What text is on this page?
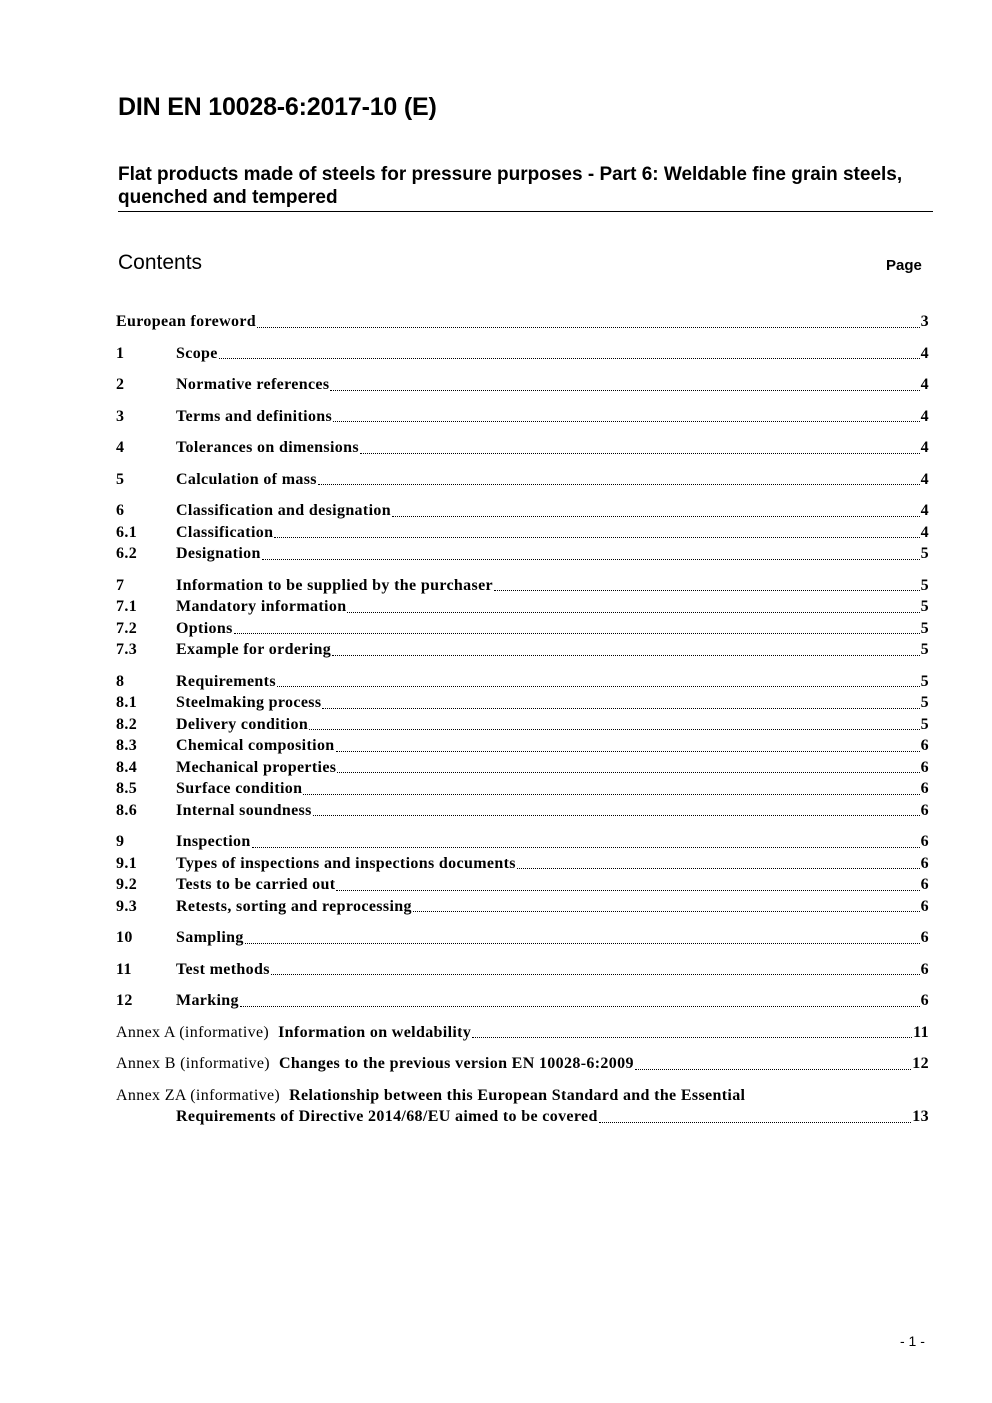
DIN EN 10028-6:2017-10 (E)
Flat products made of steels for pressure purposes - Part 6: Weldable fine grain steels, quenched and tempered
Contents	Page
European foreword	3
1	Scope	4
2	Normative references	4
3	Terms and definitions	4
4	Tolerances on dimensions	4
5	Calculation of mass	4
6	Classification and designation	4
6.1	Classification	4
6.2	Designation	5
7	Information to be supplied by the purchaser	5
7.1	Mandatory information	5
7.2	Options	5
7.3	Example for ordering	5
8	Requirements	5
8.1	Steelmaking process	5
8.2	Delivery condition	5
8.3	Chemical composition	6
8.4	Mechanical properties	6
8.5	Surface condition	6
8.6	Internal soundness	6
9	Inspection	6
9.1	Types of inspections and inspections documents	6
9.2	Tests to be carried out	6
9.3	Retests, sorting and reprocessing	6
10	Sampling	6
11	Test methods	6
12	Marking	6
Annex A (informative) Information on weldability	11
Annex B (informative) Changes to the previous version EN 10028-6:2009	12
Annex ZA (informative) Relationship between this European Standard and the Essential
Requirements of Directive 2014/68/EU aimed to be covered	13
- 1 -
